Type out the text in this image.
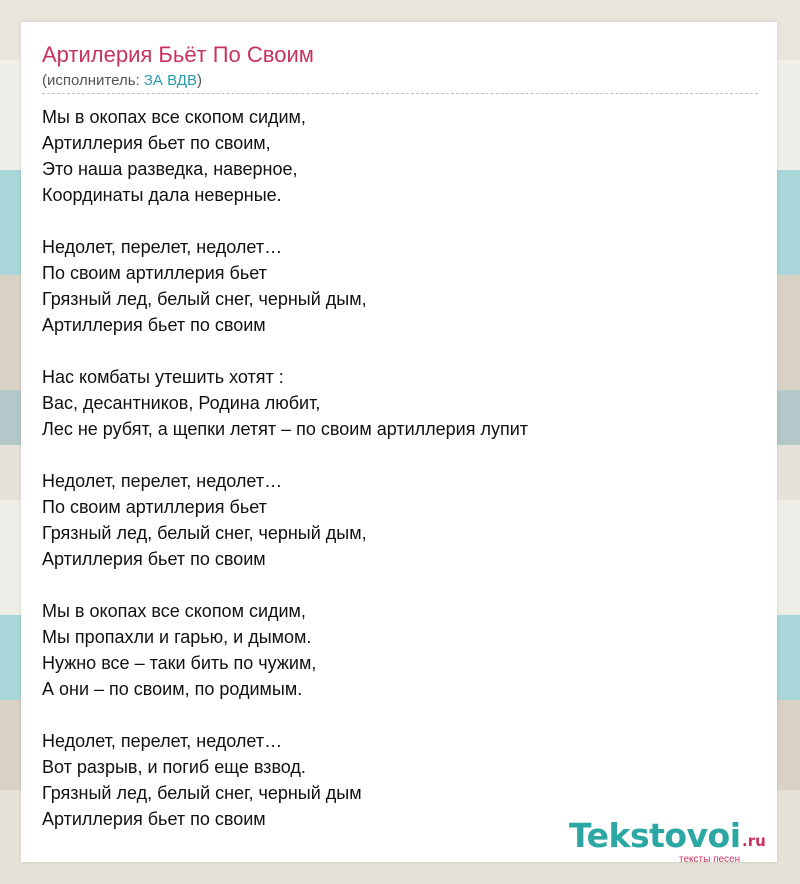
Артилерия Бьёт По Своим
(исполнитель: ЗА ВДВ)
Мы в окопах все скопом сидим,
Артиллерия бьет по своим,
Это наша разведка, наверное,
Координаты дала неверные.
Недолет, перелет, недолет…
По своим артиллерия бьет
Грязный лед, белый снег, черный дым,
Артиллерия бьет по своим
Нас комбаты утешить хотят :
Вас, десантников, Родина любит,
Лес не рубят, а щепки летят – по своим артиллерия лупит
Недолет, перелет, недолет…
По своим артиллерия бьет
Грязный лед, белый снег, черный дым,
Артиллерия бьет по своим
Мы в окопах все скопом сидим,
Мы пропахли и гарью, и дымом.
Нужно все – таки бить по чужим,
А они – по своим, по родимым.
Недолет, перелет, недолет…
Вот разрыв, и погиб еще взвод.
Грязный лед, белый снег, черный дым
Артиллерия бьет по своим	Tekstovoi .ru
тексты песен
